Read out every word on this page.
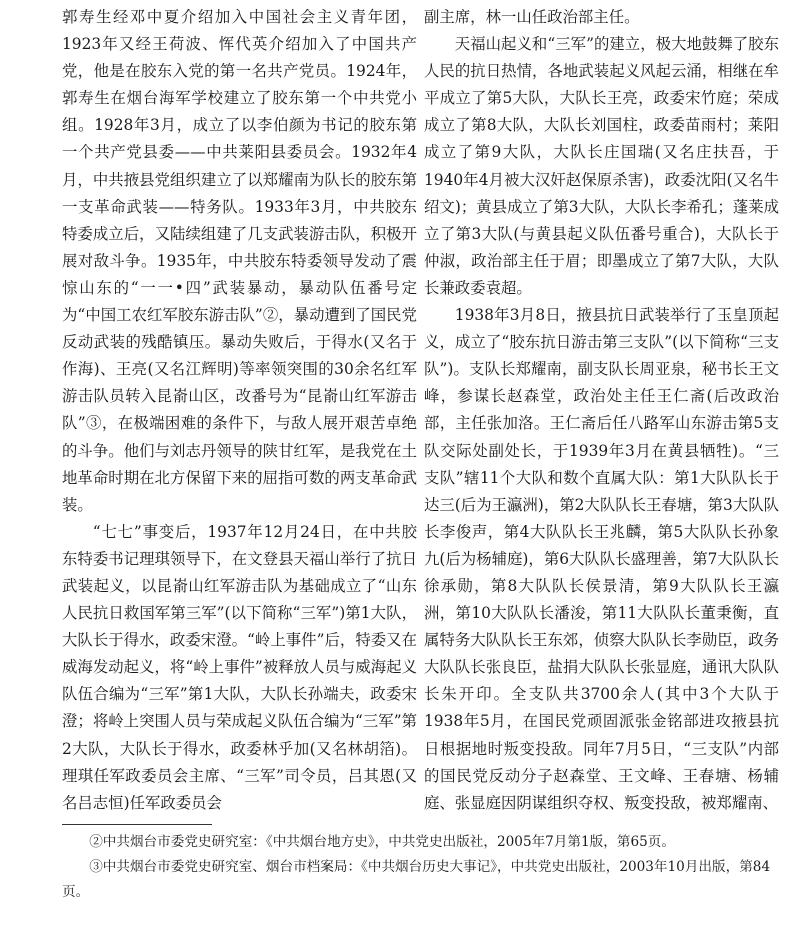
郭寿生经邓中夏介绍加入中国社会主义青年团，1923年又经王荷波、恽代英介绍加入了中国共产党，他是在胶东入党的第一名共产党员。1924年，郭寿生在烟台海军学校建立了胶东第一个中共党小组。1928年3月，成立了以李伯颜为书记的胶东第一个共产党县委——中共莱阳县委员会。1932年4月，中共掖县党组织建立了以郑耀南为队长的胶东第一支革命武装——特务队。1933年3月，中共胶东特委成立后，又陆续组建了几支武装游击队，积极开展对敌斗争。1935年，中共胶东特委领导发动了震惊山东的“一一•四”武装暴动，暴动队伍番号定为“中国工农红军胶东游击队”②，暴动遭到了国民党反动武装的残酷镇压。暴动失败后，于得水(又名于作海)、王亮(又名江辉明)等率领突围的30余名红军游击队员转入昆嵛山区，改番号为“昆嵛山红军游击队”③，在极端困难的条件下，与敌人展开艰苦卓绝的斗争。他们与刘志丹领导的陕甘红军，是我党在土地革命时期在北方保留下来的屈指可数的两支革命武装。

“七七”事变后，1937年12月24日，在中共胶东特委书记理琪领导下，在文登县天福山举行了抗日武装起义，以昆嵛山红军游击队为基础成立了“山东人民抗日救国军第三军”(以下简称“三军”)第1大队，大队长于得水，政委宋澄。“岭上事件”后，特委又在威海发动起义，将“岭上事件”被释放人员与威海起义队伍合编为“三军”第1大队，大队长孙端夫，政委宋澄；将岭上突围人员与荣成起义队伍合编为“三军”第2大队，大队长于得水，政委林乎加(又名林胡箔)。理琪任军政委员会主席、“三军”司令员，吕其恩(又名吕志恒)任军政委员会

副主席，林一山任政治部主任。

天福山起义和“三军”的建立，极大地鼓舞了胶东人民的抗日热情，各地武装起义风起云涌，相继在牟平成立了第5大队，大队长王亮，政委宋竹庭；荣成成立了第8大队，大队长刘国柱，政委苗雨村；莱阳成立了第9大队，大队长庄国瑞(又名庄扶吾，于1940年4月被大汉奸赵保原杀害)，政委沈阳(又名牛绍文)；黄县成立了第3大队，大队长李希孔；蓬莱成立了第3大队(与黄县起义队伍番号重合)，大队长于仲淑，政治部主任于眉；即墨成立了第7大队，大队长兼政委袁超。

1938年3月8日，掖县抗日武装举行了玉皇顶起义，成立了“胶东抗日游击第三支队”(以下简称“三支队”)。支队长郑耀南，副支队长周亚泉，秘书长王文峰，参谋长赵森堂，政治处主任王仁斋(后改政治部，主任张加洛。王仁斋后任八路军山东游击第5支队交际处副处长，于1939年3月在黄县牺牲)。“三支队”辖11个大队和数个直属大队：第1大队队长于达三(后为王瀛洲)，第2大队队长王春塘，第3大队队长李俊声，第4大队队长王兆麟，第5大队队长孙象九(后为杨辅庭)，第6大队队长盛理善，第7大队队长徐承勋，第8大队队长侯景清，第9大队队长王瀛洲，第10大队队长潘浚，第11大队队长董秉衡，直属特务大队队长王东郊，侦察大队队长李勋臣，政务大队队长张良臣，盐捐大队队长张显庭，通讯大队队长朱开印。全支队共3700余人(其中3个大队于1938年5月，在国民党顽固派张金铭部进攻掖县抗日根据地时叛变投敌。同年7月5日，“三支队”内部的国民党反动分子赵森堂、王文峰、王春塘、杨辅庭、张显庭因阴谋组织夺权、叛变投敌，被郑耀南、

②中共烟台市委党史研究室：《中共烟台地方史》，中共党史出版社，2005年7月第1版，第65页。

③中共烟台市委党史研究室、烟台市档案局：《中共烟台历史大事记》，中共党史出版社，2003年10月出版，第84页。
